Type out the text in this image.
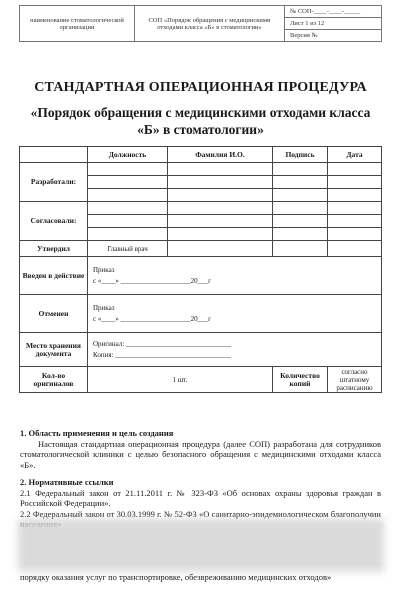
наименование стоматологической организации	СОП «Порядок обращения с медицинскими отходами класса «Б» в стоматологии»	№ СОП-____-____-_____
Лист 1 из 12
Версия №
СТАНДАРТНАЯ ОПЕРАЦИОННАЯ ПРОЦЕДУРА
«Порядок обращения с медицинскими отходами класса «Б» в стоматологии»
	Должность	Фамилия И.О.	Подпись	Дата
Разработали:				

Согласовали:				

Утвердил	Главный врач			
Введен в действие	Приказ
с «____» ____________________20___г			

Отменен	Приказ
с «____» ____________________20___г			

Место хранения документа	Оригинал: ______________________________
Копия: _________________________________			

Кол-во оригиналов	1 шт.		Количество копий	согласно штатному расписанию

1. Область применения и цель создания

Настоящая стандартная операционная процедура (далее СОП) разработана для сотрудников стоматологической клиники с целью безопасного обращения с медицинскими отходами класса «Б».

2. Нормативные ссылки

2.1 Федеральный закон от 21.11.2011 г. № 323-ФЗ «Об основах охраны здоровья граждан в Российской Федерации».

2.2 Федеральный закон от 30.03.1999 г. № 52-ФЗ «О санитарно-эпидемиологическом благополучии

порядку оказания услуг по транспортировке, обезвреживанию медицинских отходов»
